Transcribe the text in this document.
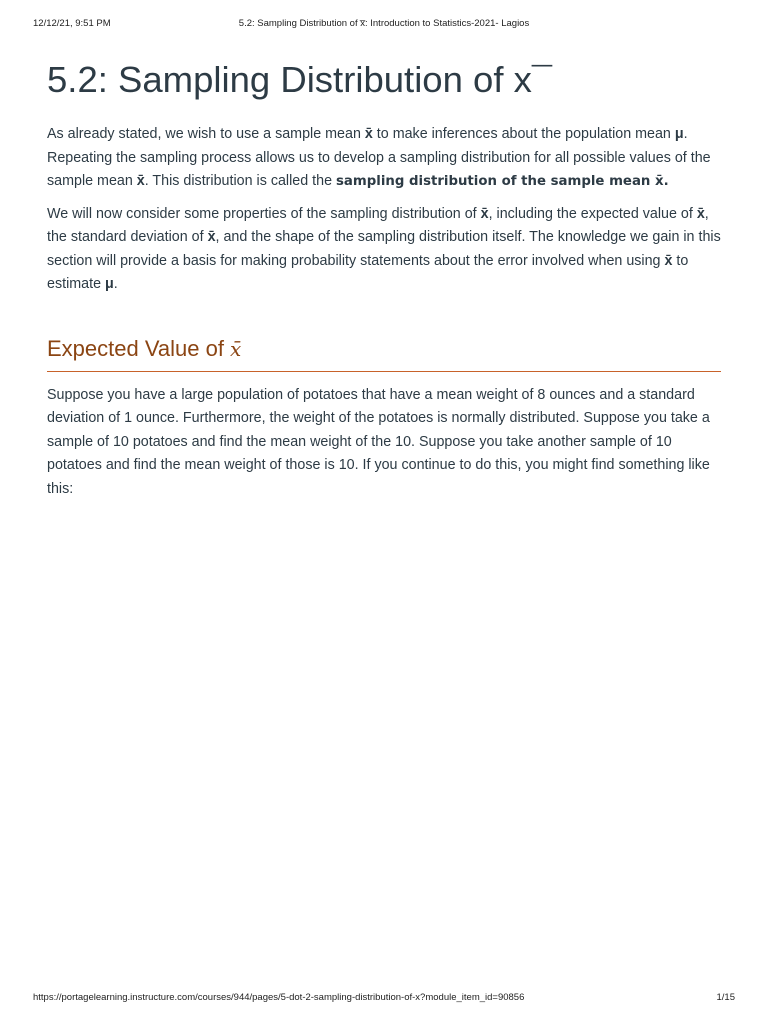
12/12/21, 9:51 PM	5.2: Sampling Distribution of x̅: Introduction to Statistics-2021- Lagios
5.2: Sampling Distribution of x¯

As already stated, we wish to use a sample mean x̄ to make inferences about the population mean μ. Repeating the sampling process allows us to develop a sampling distribution for all possible values of the sample mean x̄. This distribution is called the sampling distribution of the sample mean x̄.

We will now consider some properties of the sampling distribution of x̄, including the expected value of x̄, the standard deviation of x̄, and the shape of the sampling distribution itself. The knowledge we gain in this section will provide a basis for making probability statements about the error involved when using x̄ to estimate μ.

Expected Value of x̄

Suppose you have a large population of potatoes that have a mean weight of 8 ounces and a standard deviation of 1 ounce. Furthermore, the weight of the potatoes is normally distributed. Suppose you take a sample of 10 potatoes and find the mean weight of the 10. Suppose you take another sample of 10 potatoes and find the mean weight of those is 10. If you continue to do this, you might find something like this:

https://portagelearning.instructure.com/courses/944/pages/5-dot-2-sampling-distribution-of-x?module_item_id=90856	1/15
